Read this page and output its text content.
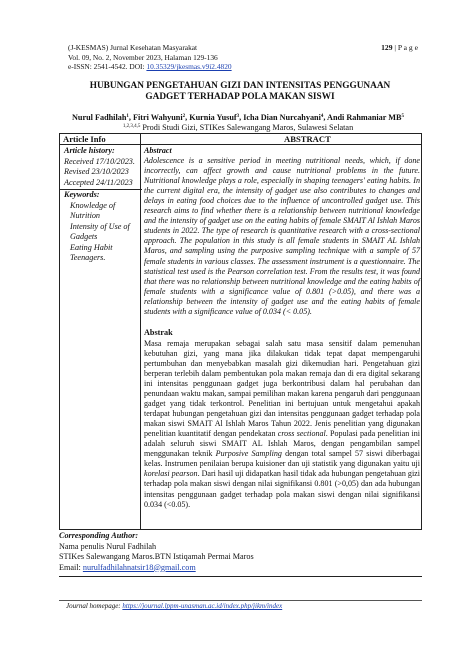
(J-KESMAS) Jurnal Kesehatan Masyarakat
Vol. 09, No. 2, November 2023, Halaman 129-136
e-ISSN: 2541-4542. DOI: 10.35329/jkesmas.v9i2.4820
129 | P a g e
HUBUNGAN PENGETAHUAN GIZI DAN INTENSITAS PENGGUNAAN
GADGET TERHADAP POLA MAKAN SISWI
Nurul Fadhilah$^1$, Fitri Wahyuni$^2$, Kurnia Yusuf$^3$, Icha Dian Nurcahyani$^4$, Andi Rahmaniar $MB^5$
$^{1,2,3,4,5}$ Prodi Studi Gizi, STIKes Salewangang Maros, Sulawesi Selatan
Article Info	ABSTRACT
Article history:
Received 17/10/2023.
Revised 23/10/2023
Accepted 24/11/2023
Keywords:
Knowledge of
Nutrition
Intensity of Use of
Gadgets
Eating Habit
Teenagers.
Abstract
Adolescence is a sensitive period in meeting nutritional needs, which, if done incorrectly, can affect growth and cause nutritional problems in the future. Nutritional knowledge plays a role, especially in shaping teenagers' eating habits. In the current digital era, the intensity of gadget use also contributes to changes and delays in eating food choices due to the influence of uncontrolled gadget use. This research aims to find whether there is a relationship between nutritional knowledge and the intensity of gadget use on the eating habits of female SMAIT Al Ishlah Maros students in 2022. The type of research is quantitative research with a cross-sectional approach. The population in this study is all female students in SMAIT AL Ishlah Maros, and sampling using the purposive sampling technique with a sample of 57 female students in various classes. The assessment instrument is a questionnaire. The statistical test used is the Pearson correlation test. From the results test, it was found that there was no relationship between nutritional knowledge and the eating habits of female students with a significance value of 0.801 (>0.05), and there was a relationship between the intensity of gadget use and the eating habits of female students with a significance value of 0.034 (< 0.05).
Abstrak
Masa remaja merupakan sebagai salah satu masa sensitif dalam pemenuhan kebutuhan gizi, yang mana jika dilakukan tidak tepat dapat mempengaruhi pertumbuhan dan menyebabkan masalah gizi dikemudian hari. Pengetahuan gizi berperan terlebih dalam pembentukan pola makan remaja dan di era digital sekarang ini intensitas penggunaan gadget juga berkontribusi dalam hal perubahan dan penundaan waktu makan, sampai pemilihan makan karena pengaruh dari penggunaan gadget yang tidak terkontrol. Penelitian ini bertujuan untuk mengetahui apakah terdapat hubungan pengetahuan gizi dan intensitas penggunaan gadget terhadap pola makan siswi SMAIT Al Ishlah Maros Tahun 2022. Jenis penelitian yang digunakan penelitian kuantitatif dengan pendekatan cross sectional. Populasi pada penelitian ini adalah seluruh siswi SMAIT AL Ishlah Maros, dengan pengambilan sampel menggunakan teknik Purposive Sampling dengan total sampel 57 siswi diberbagai kelas. Instrumen penilaian berupa kuisioner dan uji statistik yang digunakan yaitu uji korelasi pearson. Dari hasil uji didapatkan hasil tidak ada hubungan pengetahuan gizi terhadap pola makan siswi dengan nilai signifikansi 0.801 (>0,05) dan ada hubungan intensitas penggunaan gadget terhadap pola makan siswi dengan nilai signifikansi 0.034 (<0.05).
Corresponding Author:
Nama penulis Nurul Fadhilah
STIKes Salewangang Maros.BTN Istiqamah Permai Maros
Email: nurulfadhilahnatsir18@gmail.com
Journal homepage: https://journal.lppm-unasman.ac.id/index.php/jikm/index
